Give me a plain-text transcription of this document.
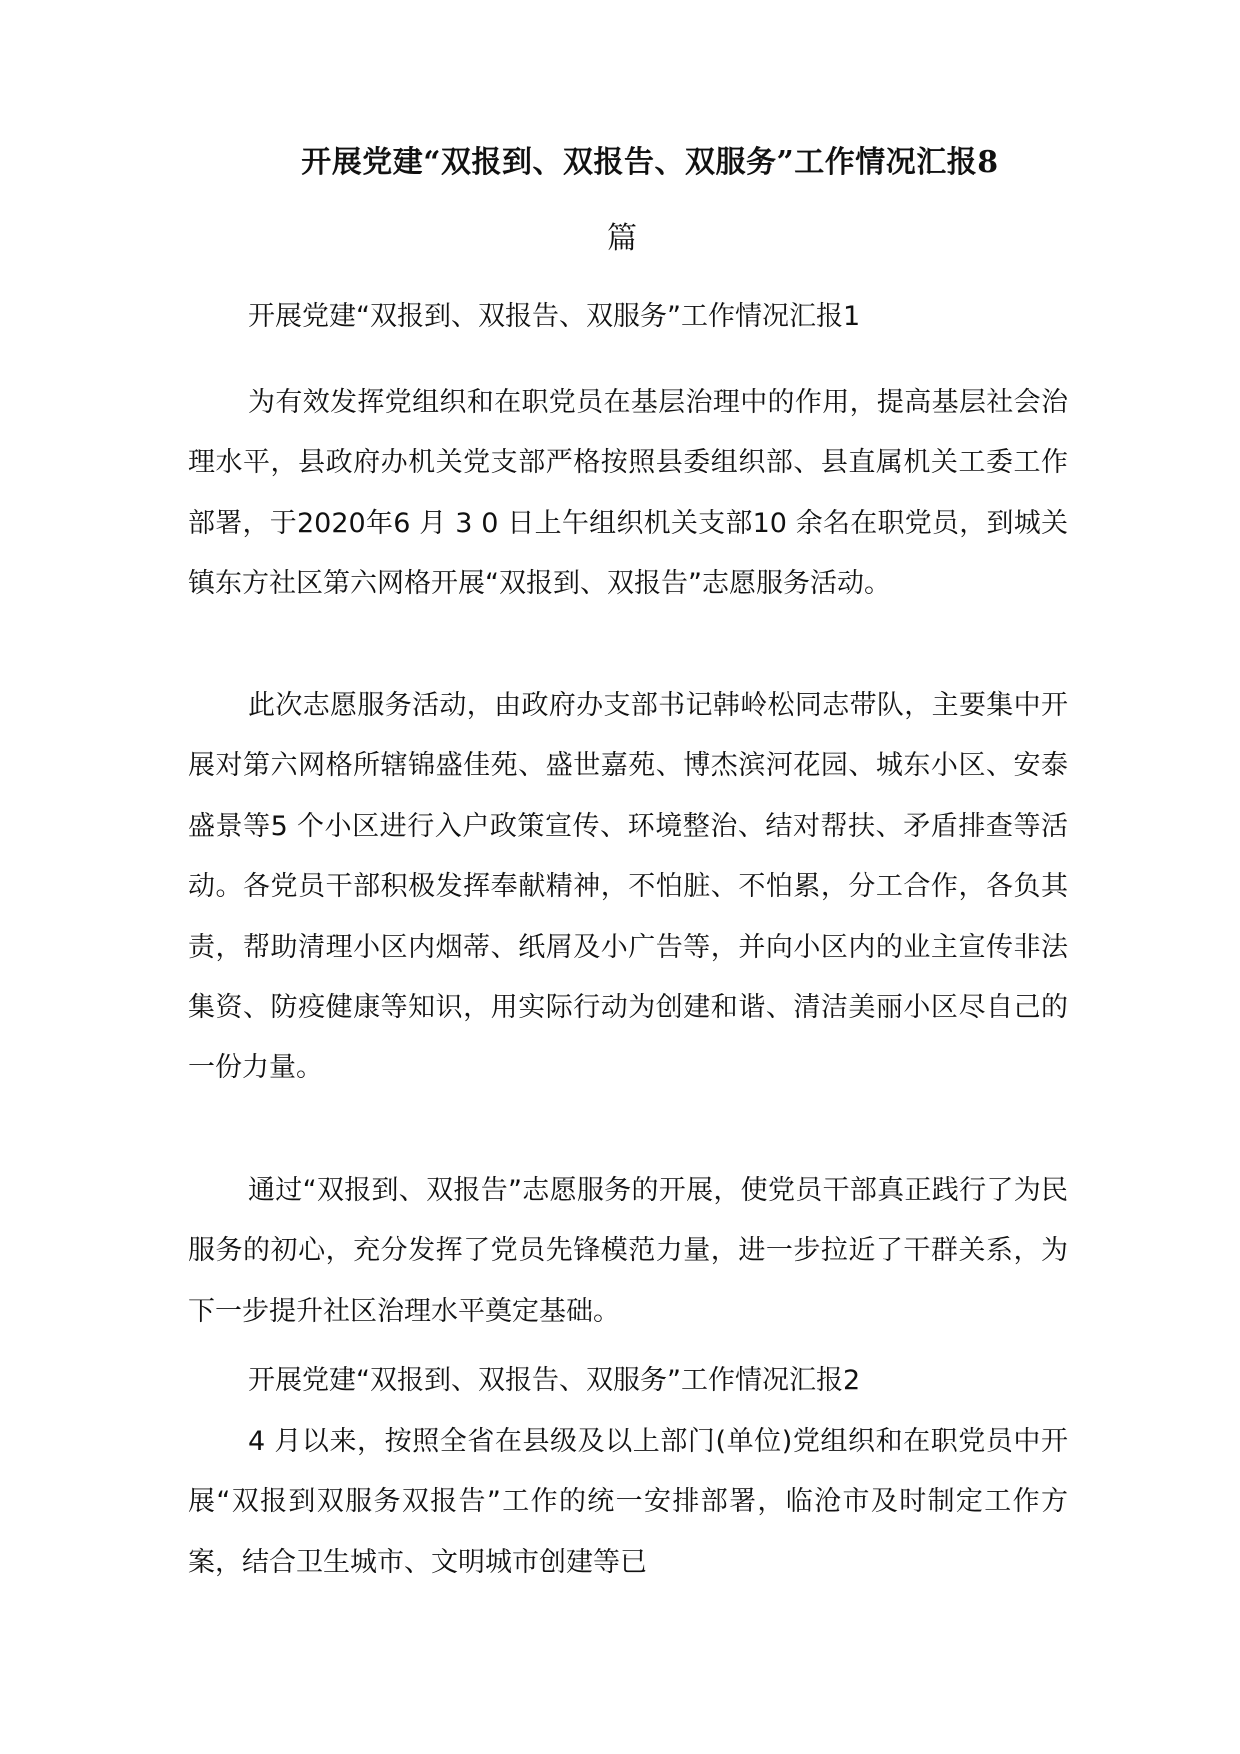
开展党建“双报到、双报告、双服务”工作情况汇报8
篇
开展党建“双报到、双报告、双服务”工作情况汇报1
为有效发挥党组织和在职党员在基层治理中的作用，提高基层社会治理水平，县政府办机关党支部严格按照县委组织部、县直属机关工委工作部署，于2020年6 月 3 0 日上午组织机关支部10 余名在职党员，到城关镇东方社区第六网格开展“双报到、双报告”志愿服务活动。
此次志愿服务活动，由政府办支部书记韩岭松同志带队，主要集中开展对第六网格所辖锦盛佳苑、盛世嘉苑、博杰滨河花园、城东小区、安泰盛景等5 个小区进行入户政策宣传、环境整治、结对帮扶、矛盾排查等活动。各党员干部积极发挥奉献精神，不怕脏、不怕累，分工合作，各负其责，帮助清理小区内烟蒂、纸屑及小广告等，并向小区内的业主宣传非法集资、防疫健康等知识，用实际行动为创建和谐、清洁美丽小区尽自己的一份力量。
通过“双报到、双报告”志愿服务的开展，使党员干部真正践行了为民服务的初心，充分发挥了党员先锋模范力量，进一步拉近了干群关系，为下一步提升社区治理水平奠定基础。
开展党建“双报到、双报告、双服务”工作情况汇报2
4 月以来，按照全省在县级及以上部门(单位)党组织和在职党员中开展“双报到双服务双报告”工作的统一安排部署，临沧市及时制定工作方案，结合卫生城市、文明城市创建等已
